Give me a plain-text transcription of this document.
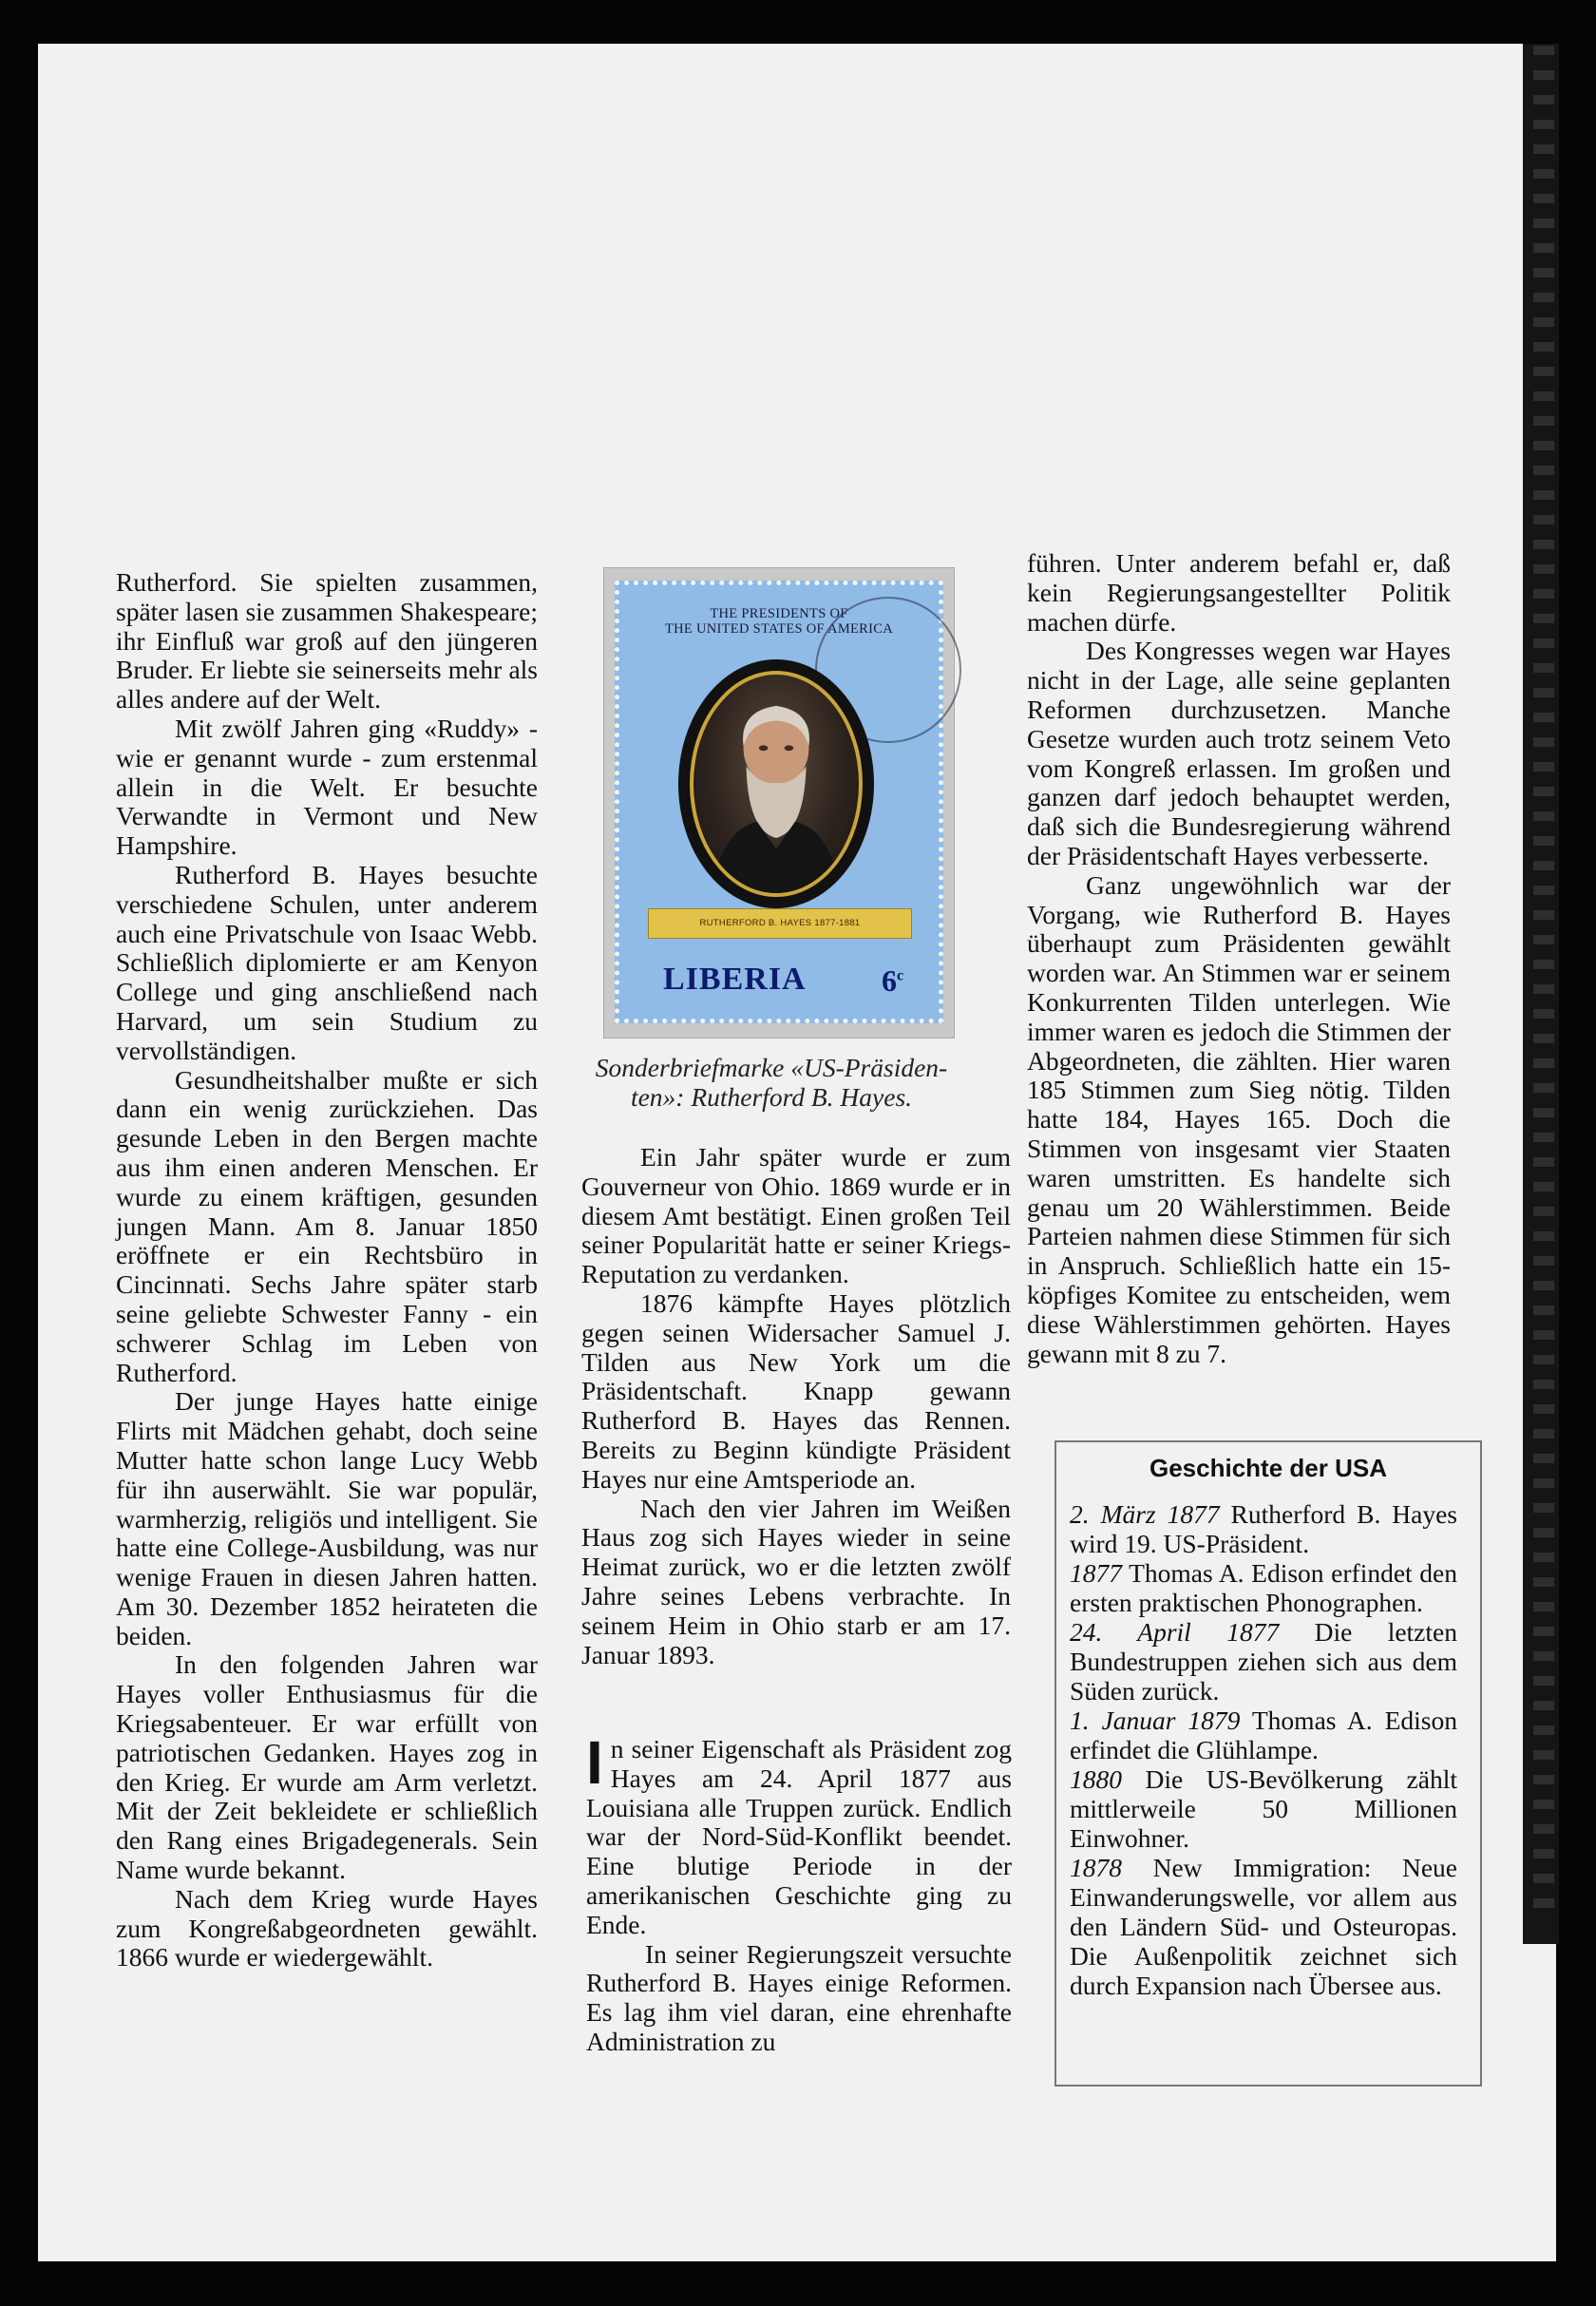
Rutherford. Sie spielten zusammen, später lasen sie zusammen Shakespeare; ihr Einfluß war groß auf den jüngeren Bruder. Er liebte sie seinerseits mehr als alles andere auf der Welt.

Mit zwölf Jahren ging «Ruddy» - wie er genannt wurde - zum erstenmal allein in die Welt. Er besuchte Verwandte in Vermont und New Hampshire.

Rutherford B. Hayes besuchte verschiedene Schulen, unter anderem auch eine Privatschule von Isaac Webb. Schließlich diplomierte er am Kenyon College und ging anschließend nach Harvard, um sein Studium zu vervollständigen.

Gesundheitshalber mußte er sich dann ein wenig zurückziehen. Das gesunde Leben in den Bergen machte aus ihm einen anderen Menschen. Er wurde zu einem kräftigen, gesunden jungen Mann. Am 8. Januar 1850 eröffnete er ein Rechtsbüro in Cincinnati. Sechs Jahre später starb seine geliebte Schwester Fanny - ein schwerer Schlag im Leben von Rutherford.

Der junge Hayes hatte einige Flirts mit Mädchen gehabt, doch seine Mutter hatte schon lange Lucy Webb für ihn auserwählt. Sie war populär, warmherzig, religiös und intelligent. Sie hatte eine College-Ausbildung, was nur wenige Frauen in diesen Jahren hatten. Am 30. Dezember 1852 heirateten die beiden.

In den folgenden Jahren war Hayes voller Enthusiasmus für die Kriegsabenteuer. Er war erfüllt von patriotischen Gedanken. Hayes zog in den Krieg. Er wurde am Arm verletzt. Mit der Zeit bekleidete er schließlich den Rang eines Brigadegenerals. Sein Name wurde bekannt.

Nach dem Krieg wurde Hayes zum Kongreßabgeordneten gewählt. 1866 wurde er wiedergewählt.

THE PRESIDENTS OF
THE UNITED STATES OF AMERICA
RUTHERFORD B. HAYES 1877-1881
LIBERIA 6$^c$
Sonderbriefmarke «US-Präsiden-
ten»: Rutherford B. Hayes.

Ein Jahr später wurde er zum Gouverneur von Ohio. 1869 wurde er in diesem Amt bestätigt. Einen großen Teil seiner Popularität hatte er seiner Kriegs-Reputation zu verdanken.

1876 kämpfte Hayes plötzlich gegen seinen Widersacher Samuel J. Tilden aus New York um die Präsidentschaft. Knapp gewann Rutherford B. Hayes das Rennen. Bereits zu Beginn kündigte Präsident Hayes nur eine Amtsperiode an.

Nach den vier Jahren im Weißen Haus zog sich Hayes wieder in seine Heimat zurück, wo er die letzten zwölf Jahre seines Lebens verbrachte. In seinem Heim in Ohio starb er am 17. Januar 1893.

In seiner Eigenschaft als Präsident zog Hayes am 24. April 1877 aus Louisiana alle Truppen zurück. Endlich war der Nord-Süd-Konflikt beendet. Eine blutige Periode in der amerikanischen Geschichte ging zu Ende.

In seiner Regierungszeit versuchte Rutherford B. Hayes einige Reformen. Es lag ihm viel daran, eine ehrenhafte Administration zu

führen. Unter anderem befahl er, daß kein Regierungsangestellter Politik machen dürfe.

Des Kongresses wegen war Hayes nicht in der Lage, alle seine geplanten Reformen durchzusetzen. Manche Gesetze wurden auch trotz seinem Veto vom Kongreß erlassen. Im großen und ganzen darf jedoch behauptet werden, daß sich die Bundesregierung während der Präsidentschaft Hayes verbesserte.

Ganz ungewöhnlich war der Vorgang, wie Rutherford B. Hayes überhaupt zum Präsidenten gewählt worden war. An Stimmen war er seinem Konkurrenten Tilden unterlegen. Wie immer waren es jedoch die Stimmen der Abgeordneten, die zählten. Hier waren 185 Stimmen zum Sieg nötig. Tilden hatte 184, Hayes 165. Doch die Stimmen von insgesamt vier Staaten waren umstritten. Es handelte sich genau um 20 Wählerstimmen. Beide Parteien nahmen diese Stimmen für sich in Anspruch. Schließlich hatte ein 15-köpfiges Komitee zu entscheiden, wem diese Wählerstimmen gehörten. Hayes gewann mit 8 zu 7.

Geschichte der USA
2. März 1877 Rutherford B. Hayes wird 19. US-Präsident.
1877 Thomas A. Edison erfindet den ersten praktischen Phonographen.
24. April 1877 Die letzten Bundestruppen ziehen sich aus dem Süden zurück.
1. Januar 1879 Thomas A. Edison erfindet die Glühlampe.
1880 Die US-Bevölkerung zählt mittlerweile 50 Millionen Einwohner.
1878 New Immigration: Neue Einwanderungswelle, vor allem aus den Ländern Süd- und Osteuropas. Die Außenpolitik zeichnet sich durch Expansion nach Übersee aus.
